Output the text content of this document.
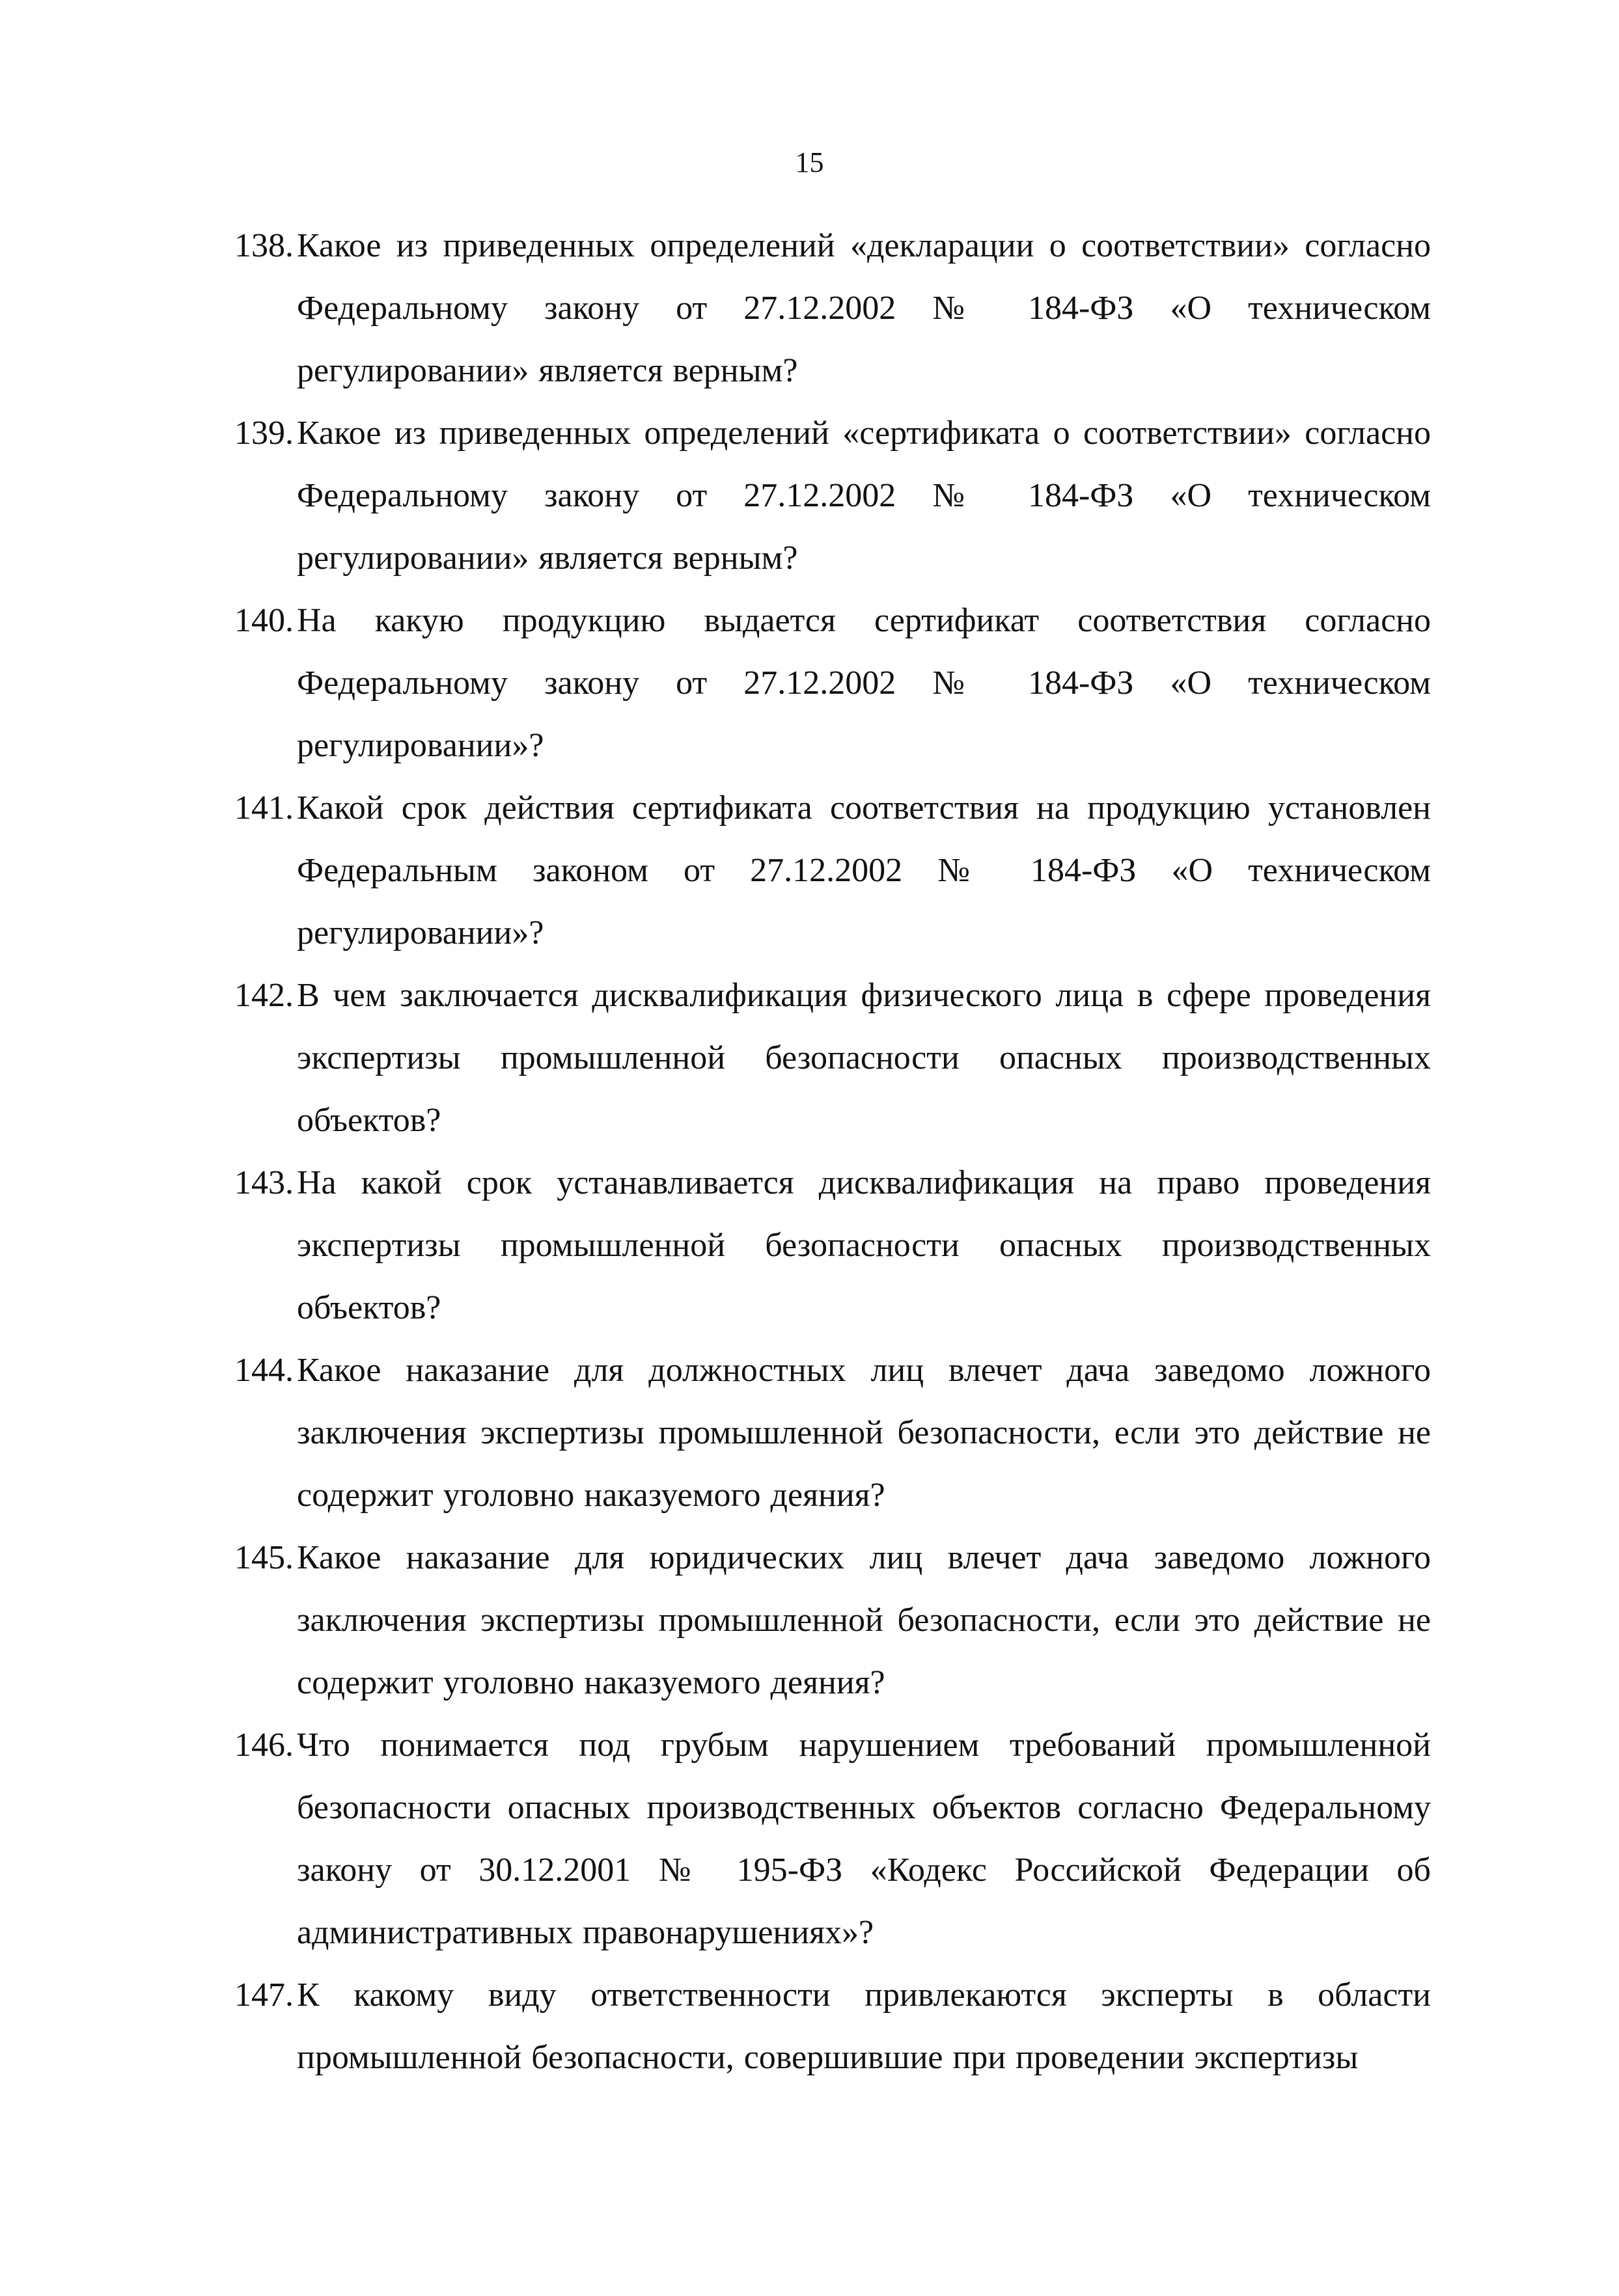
15
138. Какое из приведенных определений «декларации о соответствии» согласно Федеральному закону от 27.12.2002 № 184-ФЗ «О техническом регулировании» является верным?
139. Какое из приведенных определений «сертификата о соответствии» согласно Федеральному закону от 27.12.2002 № 184-ФЗ «О техническом регулировании» является верным?
140. На какую продукцию выдается сертификат соответствия согласно Федеральному закону от 27.12.2002 № 184-ФЗ «О техническом регулировании»?
141. Какой срок действия сертификата соответствия на продукцию установлен Федеральным законом от 27.12.2002 № 184-ФЗ «О техническом регулировании»?
142. В чем заключается дисквалификация физического лица в сфере проведения экспертизы промышленной безопасности опасных производственных объектов?
143. На какой срок устанавливается дисквалификация на право проведения экспертизы промышленной безопасности опасных производственных объектов?
144. Какое наказание для должностных лиц влечет дача заведомо ложного заключения экспертизы промышленной безопасности, если это действие не содержит уголовно наказуемого деяния?
145. Какое наказание для юридических лиц влечет дача заведомо ложного заключения экспертизы промышленной безопасности, если это действие не содержит уголовно наказуемого деяния?
146. Что понимается под грубым нарушением требований промышленной безопасности опасных производственных объектов согласно Федеральному закону от 30.12.2001 № 195-ФЗ «Кодекс Российской Федерации об административных правонарушениях»?
147. К какому виду ответственности привлекаются эксперты в области промышленной безопасности, совершившие при проведении экспертизы
